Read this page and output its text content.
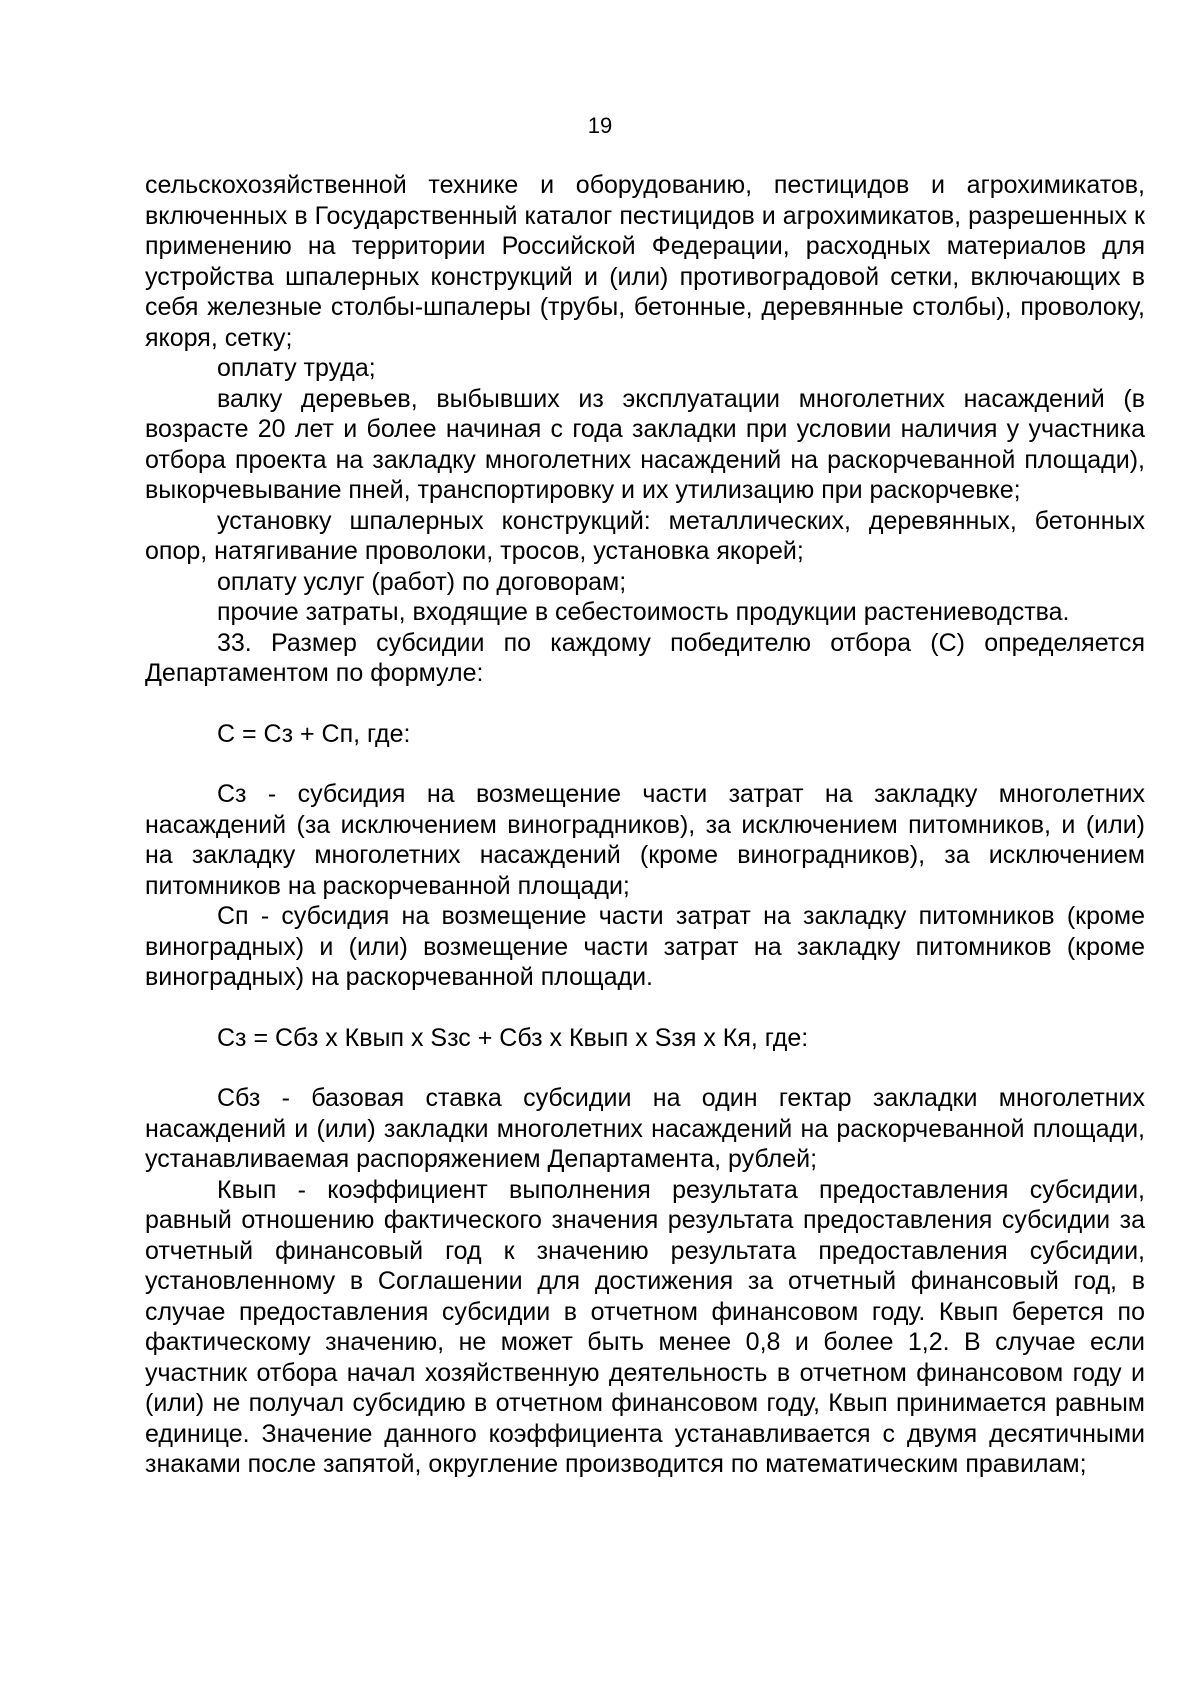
19

сельскохозяйственной технике и оборудованию, пестицидов и агрохимикатов, включенных в Государственный каталог пестицидов и агрохимикатов, разрешенных к применению на территории Российской Федерации, расходных материалов для устройства шпалерных конструкций и (или) противоградовой сетки, включающих в себя железные столбы-шпалеры (трубы, бетонные, деревянные столбы), проволоку, якоря, сетку;

оплату труда;

валку деревьев, выбывших из эксплуатации многолетних насаждений (в возрасте 20 лет и более начиная с года закладки при условии наличия у участника отбора проекта на закладку многолетних насаждений на раскорчеванной площади), выкорчевывание пней, транспортировку и их утилизацию при раскорчевке;

установку шпалерных конструкций: металлических, деревянных, бетонных опор, натягивание проволоки, тросов, установка якорей;

оплату услуг (работ) по договорам;

прочие затраты, входящие в себестоимость продукции растениеводства.

33. Размер субсидии по каждому победителю отбора (С) определяется Департаментом по формуле:

С = Сз + Сп, где:

Сз - субсидия на возмещение части затрат на закладку многолетних насаждений (за исключением виноградников), за исключением питомников, и (или) на закладку многолетних насаждений (кроме виноградников), за исключением питомников на раскорчеванной площади;

Сп - субсидия на возмещение части затрат на закладку питомников (кроме виноградных) и (или) возмещение части затрат на закладку питомников (кроме виноградных) на раскорчеванной площади.

Сз = Сбз x Квып x Sзс + Сбз x Квып x Sзя x Кя, где:

Сбз - базовая ставка субсидии на один гектар закладки многолетних насаждений и (или) закладки многолетних насаждений на раскорчеванной площади, устанавливаемая распоряжением Департамента, рублей;

Квып - коэффициент выполнения результата предоставления субсидии, равный отношению фактического значения результата предоставления субсидии за отчетный финансовый год к значению результата предоставления субсидии, установленному в Соглашении для достижения за отчетный финансовый год, в случае предоставления субсидии в отчетном финансовом году. Квып берется по фактическому значению, не может быть менее 0,8 и более 1,2. В случае если участник отбора начал хозяйственную деятельность в отчетном финансовом году и (или) не получал субсидию в отчетном финансовом году, Квып принимается равным единице. Значение данного коэффициента устанавливается с двумя десятичными знаками после запятой, округление производится по математическим правилам;
